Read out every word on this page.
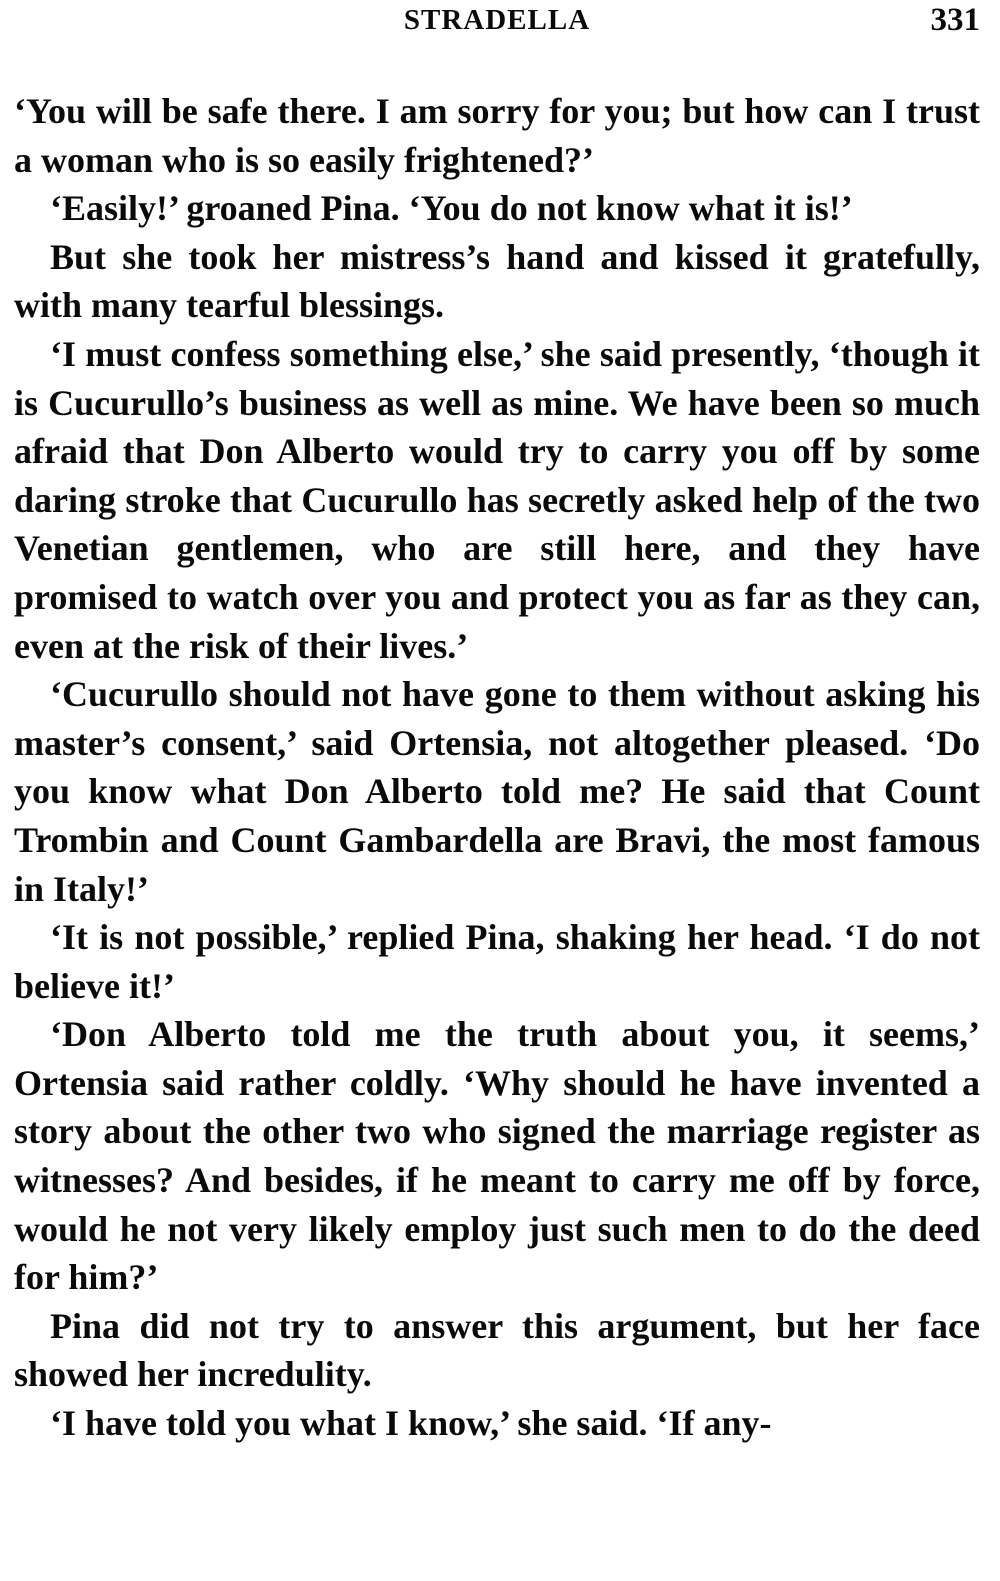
STRADELLA	331

‘You will be safe there. I am sorry for you; but how can I trust a woman who is so easily frightened?’

‘Easily!’ groaned Pina. ‘You do not know what it is!’

But she took her mistress’s hand and kissed it gratefully, with many tearful blessings.

‘I must confess something else,’ she said presently, ‘though it is Cucurullo’s business as well as mine. We have been so much afraid that Don Alberto would try to carry you off by some daring stroke that Cucurullo has secretly asked help of the two Venetian gentlemen, who are still here, and they have promised to watch over you and protect you as far as they can, even at the risk of their lives.’

‘Cucurullo should not have gone to them without asking his master’s consent,’ said Ortensia, not altogether pleased. ‘Do you know what Don Alberto told me? He said that Count Trombin and Count Gambardella are Bravi, the most famous in Italy!’

‘It is not possible,’ replied Pina, shaking her head. ‘I do not believe it!’

‘Don Alberto told me the truth about you, it seems,’ Ortensia said rather coldly. ‘Why should he have invented a story about the other two who signed the marriage register as witnesses? And besides, if he meant to carry me off by force, would he not very likely employ just such men to do the deed for him?’

Pina did not try to answer this argument, but her face showed her incredulity.

‘I have told you what I know,’ she said. ‘If any-
